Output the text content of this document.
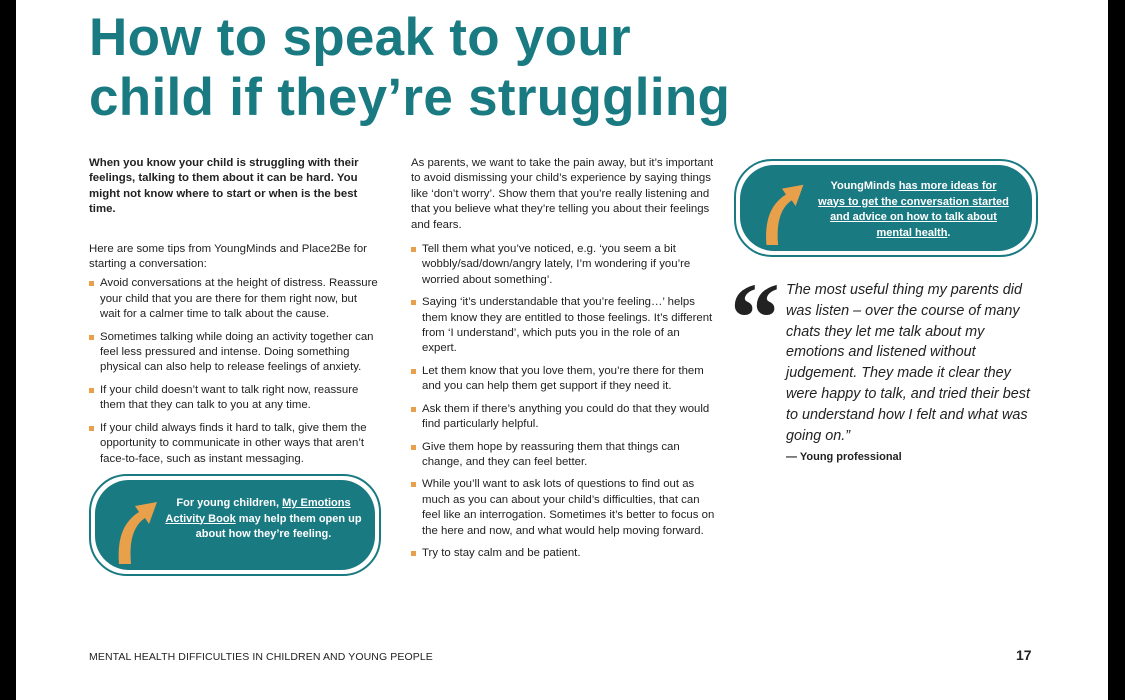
How to speak to your
child if they’re struggling

When you know your child is struggling with their feelings, talking to them about it can be hard. You might not know where to start or when is the best time.

Here are some tips from YoungMinds and Place2Be for starting a conversation:

Avoid conversations at the height of distress. Reassure your child that you are there for them right now, but wait for a calmer time to talk about the cause.
Sometimes talking while doing an activity together can feel less pressured and intense. Doing something physical can also help to release feelings of anxiety.
If your child doesn’t want to talk right now, reassure them that they can talk to you at any time.
If your child always finds it hard to talk, give them the opportunity to communicate in other ways that aren’t face-to-face, such as instant messaging.
For young children, My Emotions Activity Book may help them open up about how they’re feeling.

As parents, we want to take the pain away, but it’s important to avoid dismissing your child’s experience by saying things like ‘don’t worry’. Show them that you’re really listening and that you believe what they’re telling you about their feelings and fears.

Tell them what you’ve noticed, e.g. ‘you seem a bit wobbly/sad/down/angry lately, I’m wondering if you’re worried about something’.
Saying ‘it’s understandable that you’re feeling…’ helps them know they are entitled to those feelings. It’s different from ‘I understand’, which puts you in the role of an expert.
Let them know that you love them, you’re there for them and you can help them get support if they need it.
Ask them if there’s anything you could do that they would find particularly helpful.
Give them hope by reassuring them that things can change, and they can feel better.
While you’ll want to ask lots of questions to find out as much as you can about your child’s difficulties, that can feel like an interrogation. Sometimes it’s better to focus on the here and now, and what would help moving forward.
Try to stay calm and be patient.
YoungMinds has more ideas for ways to get the conversation started and advice on how to talk about mental health.
“ The most useful thing my parents did was listen – over the course of many chats they let me talk about my emotions and listened without judgement. They made it clear they were happy to talk, and tried their best to understand how I felt and what was going on.”

— Young professional

MENTAL HEALTH DIFFICULTIES IN CHILDREN AND YOUNG PEOPLE	17
